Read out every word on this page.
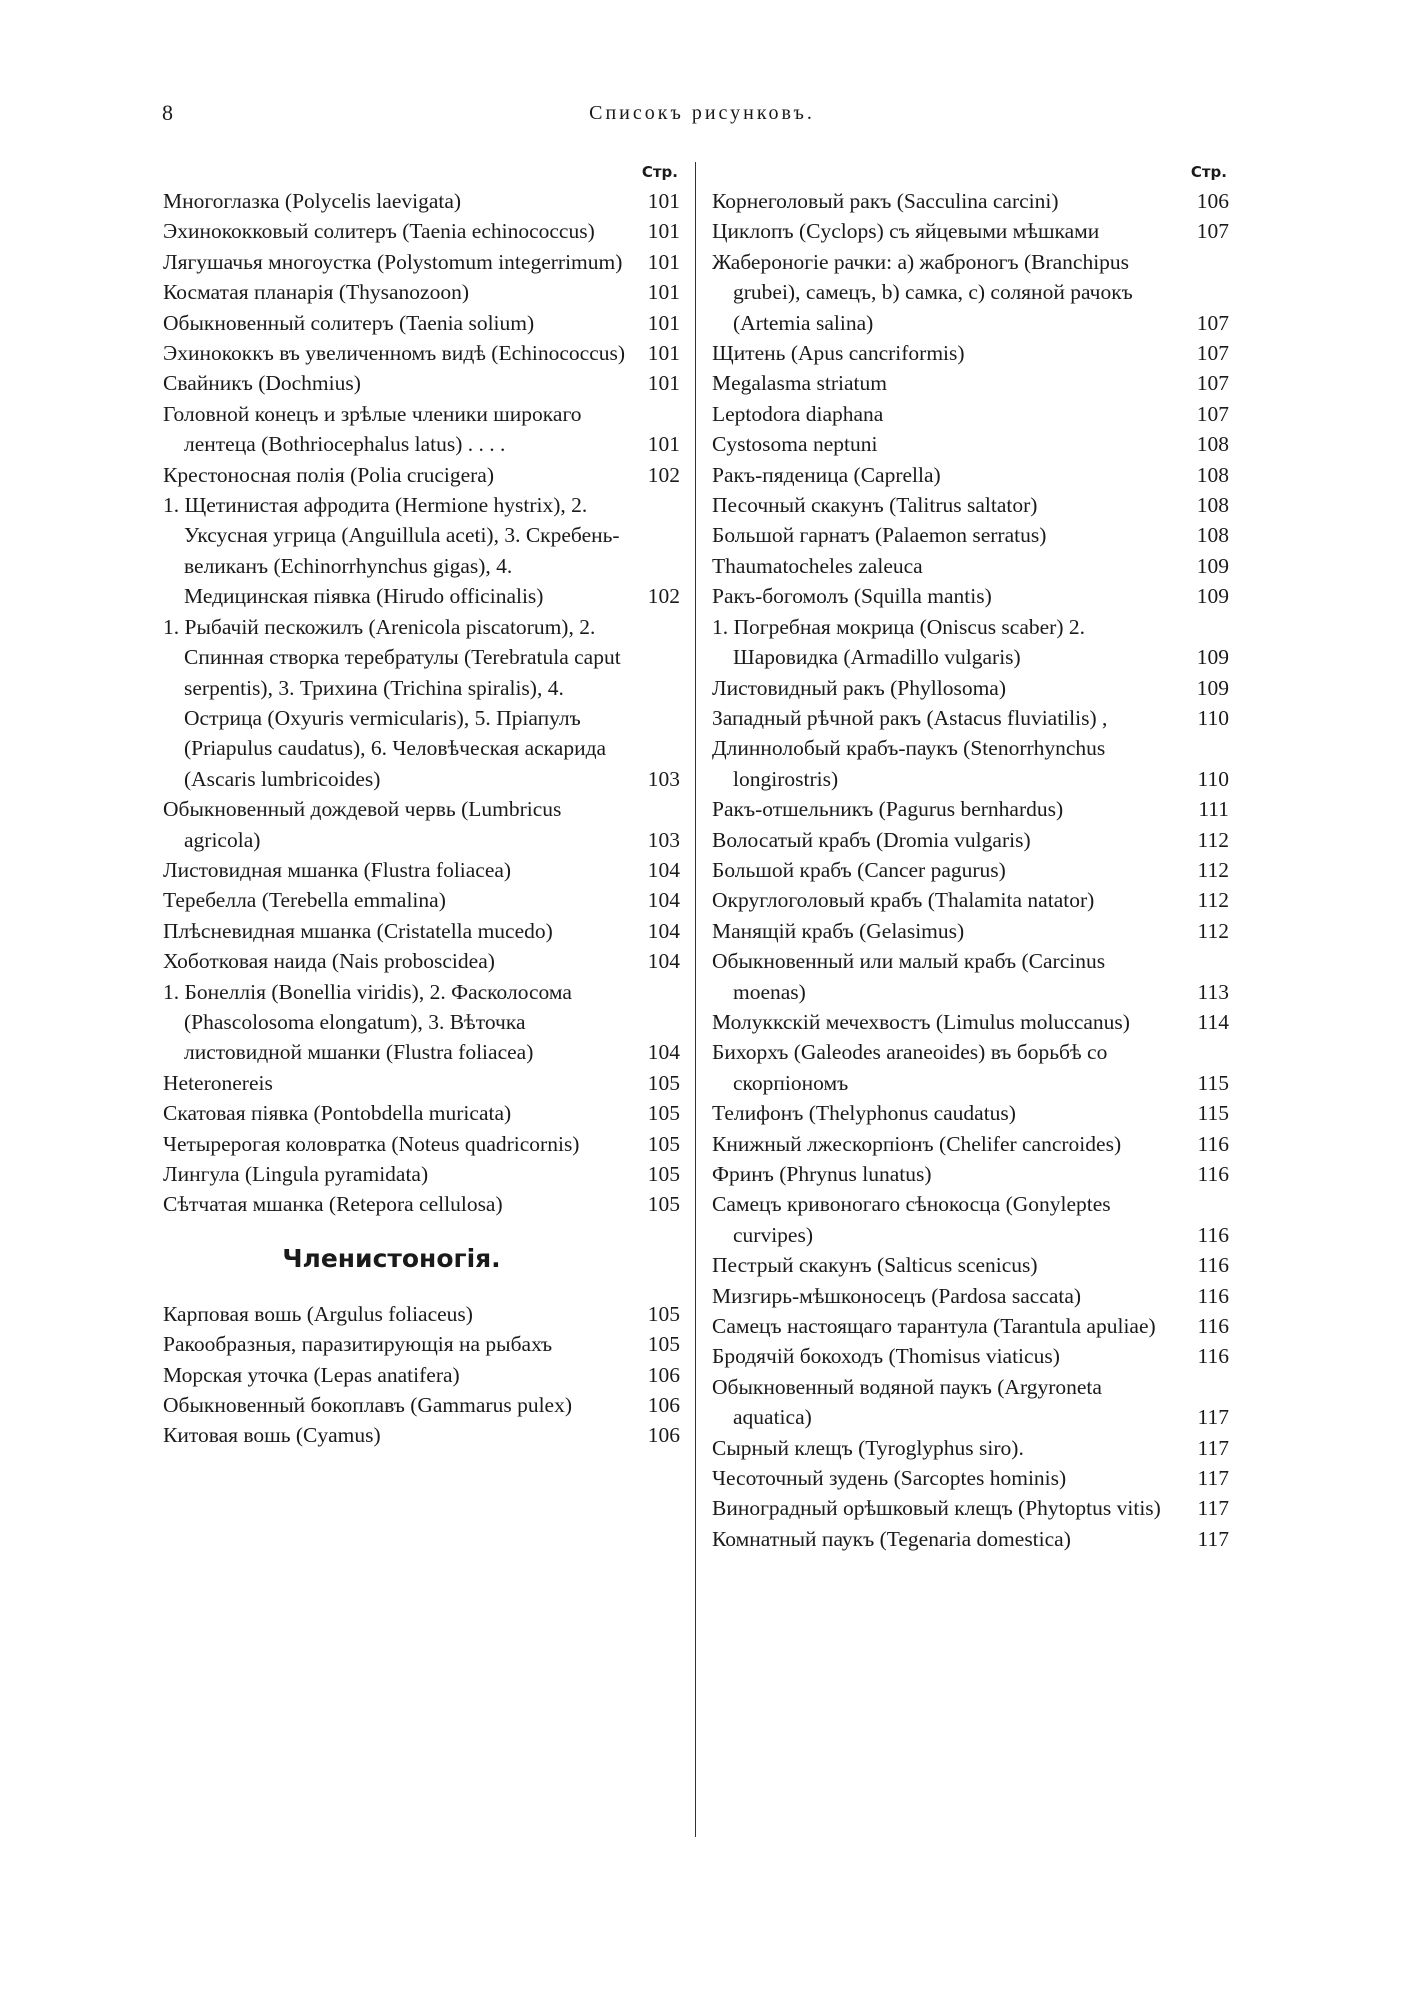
8	Списокъ рисунковъ.
Стр.
Многоглазка (Polycelis laevigata)	101
Эхинококковый солитеръ (Taenia echinococcus)	101
Лягушачья многоустка (Polystomum integerrimum)	101
Косматая планарія (Thysanozoon)	101
Обыкновенный солитеръ (Taenia solium)	101
Эхинококкъ въ увеличенномъ видѣ (Echinococcus)	101
Свайникъ (Dochmius)	101
Головной конецъ и зрѣлые членики широкаго лентеца (Bothriocephalus latus) . . . .	101
Крестоносная полія (Polia crucigera)	102
1. Щетинистая афродита (Hermione hystrix), 2. Уксусная угрица (Anguillula aceti), 3. Скребень-великанъ (Echinorrhynchus gigas), 4. Медицинская піявка (Hirudo officinalis)	102
1. Рыбачій пескожилъ (Arenicola piscatorum), 2. Спинная створка теребратулы (Terebratula caput serpentis), 3. Трихина (Trichina spiralis), 4. Острица (Oxyuris vermicularis), 5. Пріапулъ (Priapulus caudatus), 6. Человѣческая аскарида (Ascaris lumbricoides)	103
Обыкновенный дождевой червь (Lumbricus agricola)	103
Листовидная мшанка (Flustra foliacea)	104
Теребелла (Terebella emmalina)	104
Плѣсневидная мшанка (Cristatella mucedo)	104
Хоботковая наида (Nais proboscidea)	104
1. Бонеллія (Bonellia viridis), 2. Фасколосома (Phascolosoma elongatum), 3. Вѣточка листовидной мшанки (Flustra foliacea)	104
Heteronereis	105
Скатовая піявка (Pontobdella muricata)	105
Четырерогая коловратка (Noteus quadricornis)	105
Лингула (Lingula pyramidata)	105
Сѣтчатая мшанка (Retepora cellulosa)	105
Членистоногія.
Карповая вошь (Argulus foliaceus)	105
Ракообразныя, паразитирующія на рыбахъ	105
Морская уточка (Lepas anatifera)	106
Обыкновенный бокоплавъ (Gammarus pulex)	106
Китовая вошь (Cyamus)	106
Стр.
Корнеголовый ракъ (Sacculina carcini)	106
Циклопъ (Cyclops) съ яйцевыми мѣшками	107
Жабероногіе рачки: a) жаброногъ (Branchipus grubei), самецъ, b) самка, c) соляной рачокъ (Artemia salina)	107
Щитень (Apus cancriformis)	107
Megalasma striatum	107
Leptodora diaphana	107
Cystosoma neptuni	108
Ракъ-пяденица (Caprella)	108
Песочный скакунъ (Talitrus saltator)	108
Большой гарнатъ (Palaemon serratus)	108
Thaumatocheles zaleuca	109
Ракъ-богомолъ (Squilla mantis)	109
1. Погребная мокрица (Oniscus scaber) 2. Шаровидка (Armadillo vulgaris)	109
Листовидный ракъ (Phyllosoma)	109
Западный рѣчной ракъ (Astacus fluviatilis) ,	110
Длиннолобый крабъ-паукъ (Stenorrhynchus longirostris)	110
Ракъ-отшельникъ (Pagurus bernhardus)	111
Волосатый крабъ (Dromia vulgaris)	112
Большой крабъ (Cancer pagurus)	112
Округлоголовый крабъ (Thalamita natator)	112
Манящій крабъ (Gelasimus)	112
Обыкновенный или малый крабъ (Carcinus moenas)	113
Молуккскій мечехвостъ (Limulus moluccanus)	114
Бихорхъ (Galeodes araneoides) въ борьбѣ со скорпіономъ	115
Телифонъ (Thelyphonus caudatus)	115
Книжный лжескорпіонъ (Chelifer cancroides)	116
Фринъ (Phrynus lunatus)	116
Самецъ кривоногаго сѣнокосца (Gonyleptes curvipes)	116
Пестрый скакунъ (Salticus scenicus)	116
Мизгирь-мѣшконосецъ (Pardosa saccata)	116
Самецъ настоящаго тарантула (Tarantula apuliae)	116
Бродячій бокоходъ (Thomisus viaticus)	116
Обыкновенный водяной паукъ (Argyroneta aquatica)	117
Сырный клещъ (Tyroglyphus siro).	117
Чесоточный зудень (Sarcoptes hominis)	117
Виноградный орѣшковый клещъ (Phytoptus vitis)	117
Комнатный паукъ (Tegenaria domestica)	117
